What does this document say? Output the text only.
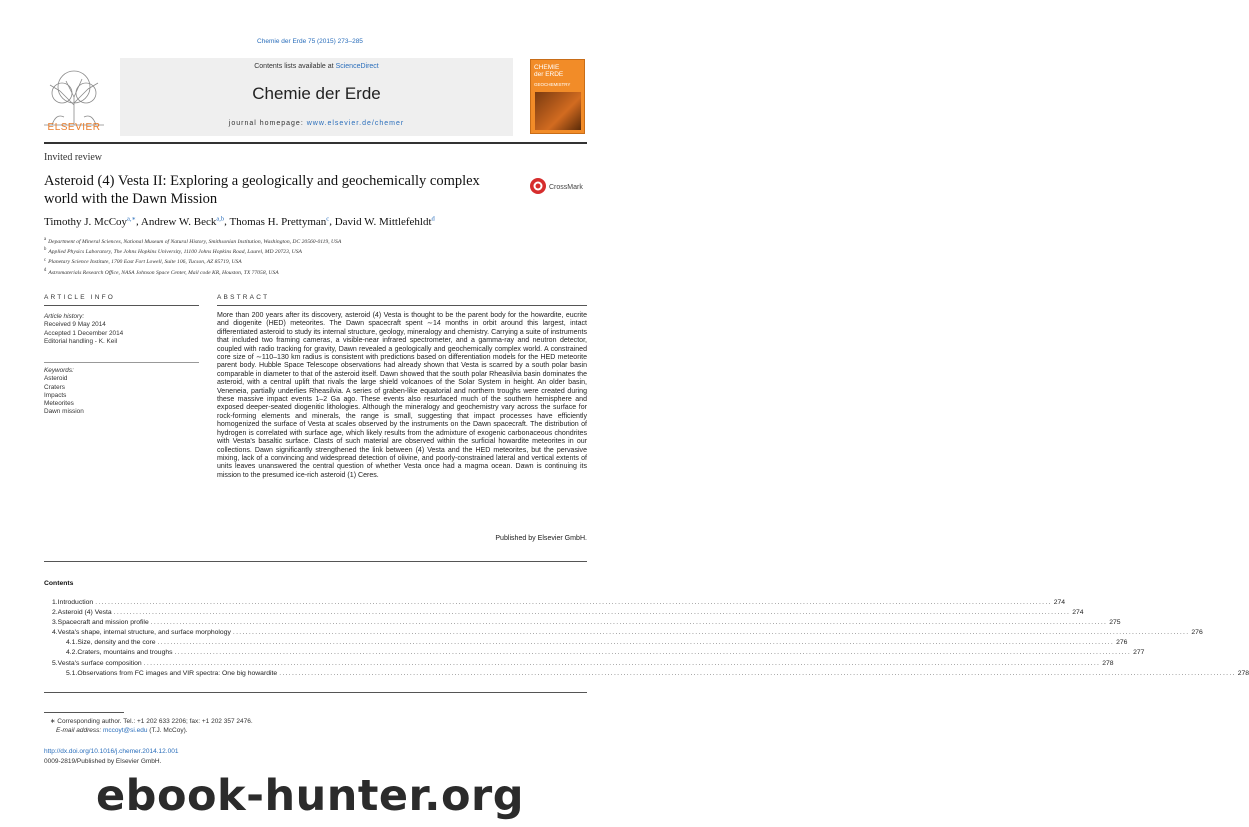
Chemie der Erde 75 (2015) 273–285
Contents lists available at ScienceDirect
Chemie der Erde
journal homepage: www.elsevier.de/chemer
ELSEVIER
CHEMIE
der ERDE
GEOCHEMISTRY
Invited review
Asteroid (4) Vesta II: Exploring a geologically and geochemically complex world with the Dawn Mission
CrossMark
Timothy J. McCoy$^{a,∗}$, Andrew W. Beck$^{a,b}$, Thomas H. Prettyman$^c$, David W. Mittlefehldt$^d$
$^a$ Department of Mineral Sciences, National Museum of Natural History, Smithsonian Institution, Washington, DC 20560-0119, USA
$^b$ Applied Physics Laboratory, The Johns Hopkins University, 11100 Johns Hopkins Road, Laurel, MD 20723, USA
$^c$ Planetary Science Institute, 1700 East Fort Lowell, Suite 106, Tucson, AZ 85719, USA
$^d$ Astromaterials Research Office, NASA Johnson Space Center, Mail code KR, Houston, TX 77058, USA
ARTICLE INFO	ABSTRACT
Article history:
Received 9 May 2014
Accepted 1 December 2014
Editorial handling - K. Keil
Keywords:
Asteroid
Craters
Impacts
Meteorites
Dawn mission
More than 200 years after its discovery, asteroid (4) Vesta is thought to be the parent body for the howardite, eucrite and diogenite (HED) meteorites. The Dawn spacecraft spent ∼14 months in orbit around this largest, intact differentiated asteroid to study its internal structure, geology, mineralogy and chemistry. Carrying a suite of instruments that included two framing cameras, a visible-near infrared spectrometer, and a gamma-ray and neutron detector, coupled with radio tracking for gravity, Dawn revealed a geologically and geochemically complex world. A constrained core size of ∼110–130 km radius is consistent with predictions based on differentiation models for the HED meteorite parent body. Hubble Space Telescope observations had already shown that Vesta is scarred by a south polar basin comparable in diameter to that of the asteroid itself. Dawn showed that the south polar Rheasilvia basin dominates the asteroid, with a central uplift that rivals the large shield volcanoes of the Solar System in height. An older basin, Veneneia, partially underlies Rheasilvia. A series of graben-like equatorial and northern troughs were created during these massive impact events 1–2 Ga ago. These events also resurfaced much of the southern hemisphere and exposed deeper-seated diogenitic lithologies. Although the mineralogy and geochemistry vary across the surface for rock-forming elements and minerals, the range is small, suggesting that impact processes have efficiently homogenized the surface of Vesta at scales observed by the instruments on the Dawn spacecraft. The distribution of hydrogen is correlated with surface age, which likely results from the admixture of exogenic carbonaceous chondrites with Vesta's basaltic surface. Clasts of such material are observed within the surficial howardite meteorites in our collections. Dawn significantly strengthened the link between (4) Vesta and the HED meteorites, but the pervasive mixing, lack of a convincing and widespread detection of olivine, and poorly-constrained lateral and vertical extents of units leaves unanswered the central question of whether Vesta once had a magma ocean. Dawn is continuing its mission to the presumed ice-rich asteroid (1) Ceres.
Published by Elsevier GmbH.
Contents
1. Introduction ............................................................................................................................................................................................................................................................................................................ 274
2. Asteroid (4) Vesta ............................................................................................................................................................................................................................................................................................................ 274
3. Spacecraft and mission profile ............................................................................................................................................................................................................................................................................................................ 275
4. Vesta's shape, internal structure, and surface morphology ............................................................................................................................................................................................................................................................................................................ 276
4.1. Size, density and the core ............................................................................................................................................................................................................................................................................................................ 276
4.2. Craters, mountains and troughs ............................................................................................................................................................................................................................................................................................................ 277
5. Vesta's surface composition ............................................................................................................................................................................................................................................................................................................ 278
5.1. Observations from FC images and VIR spectra: One big howardite ............................................................................................................................................................................................................................................................................................................ 278
∗ Corresponding author. Tel.: +1 202 633 2206; fax: +1 202 357 2476.
E-mail address: mccoyt@si.edu (T.J. McCoy).
http://dx.doi.org/10.1016/j.chemer.2014.12.001
0009-2819/Published by Elsevier GmbH.
ebook-hunter.org
